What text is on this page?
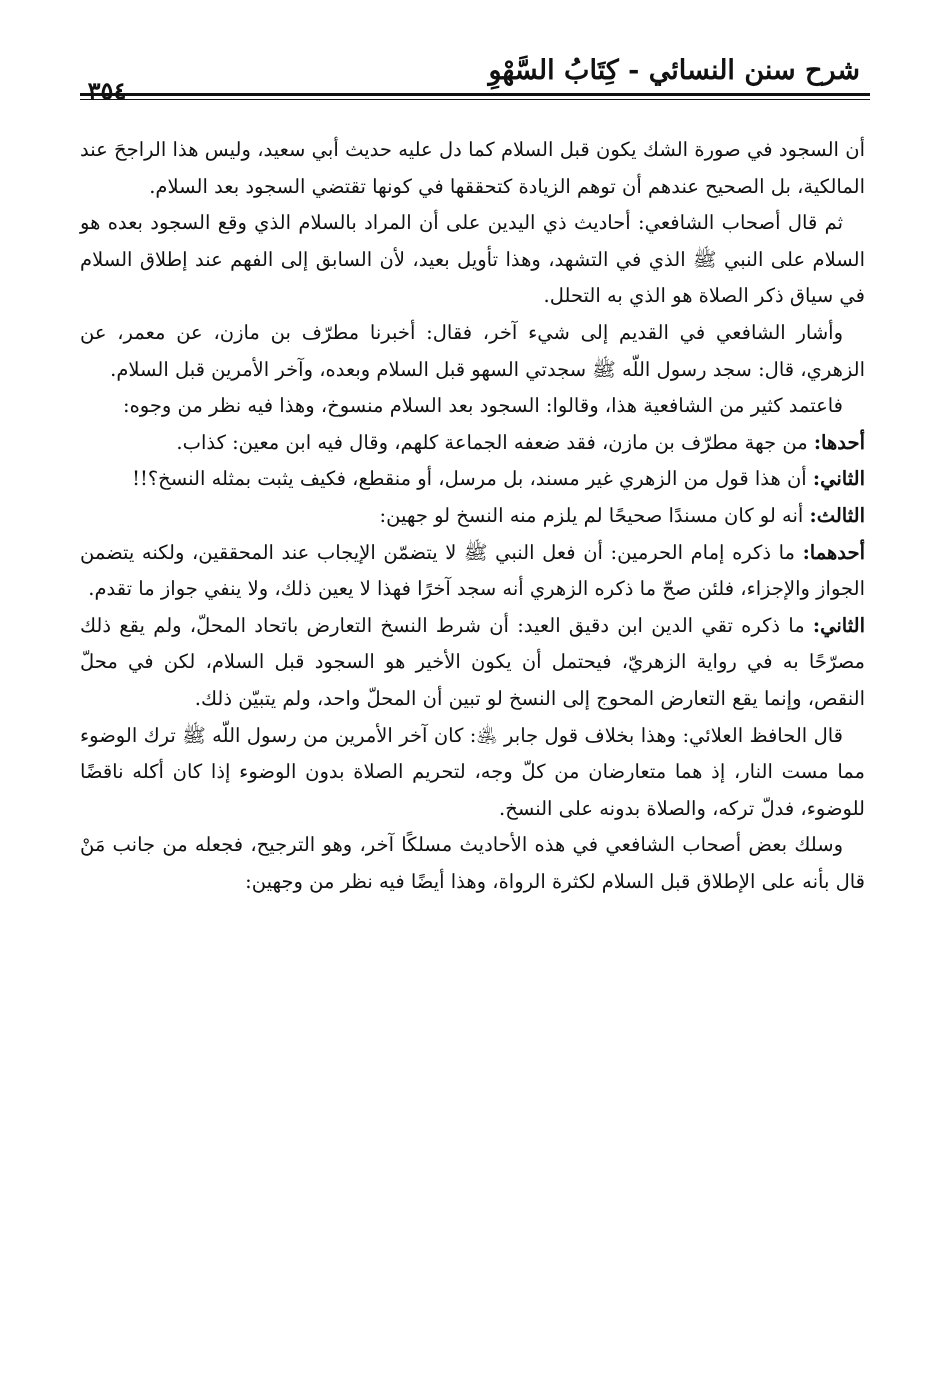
شرح سنن النسائي - كِتَابُ السَّهْوِ
٣٥٤

أن السجود في صورة الشك يكون قبل السلام كما دل عليه حديث أبي سعيد، وليس هذا الراجحَ عند المالكية، بل الصحيح عندهم أن توهم الزيادة كتحققها في كونها تقتضي السجود بعد السلام.

ثم قال أصحاب الشافعي: أحاديث ذي اليدين على أن المراد بالسلام الذي وقع السجود بعده هو السلام على النبي ﷺ الذي في التشهد، وهذا تأويل بعيد، لأن السابق إلى الفهم عند إطلاق السلام في سياق ذكر الصلاة هو الذي به التحلل.

وأشار الشافعي في القديم إلى شيء آخر، فقال: أخبرنا مطرّف بن مازن، عن معمر، عن الزهري، قال: سجد رسول اللّه ﷺ سجدتي السهو قبل السلام وبعده، وآخر الأمرين قبل السلام.

فاعتمد كثير من الشافعية هذا، وقالوا: السجود بعد السلام منسوخ، وهذا فيه نظر من وجوه:

أحدها: من جهة مطرّف بن مازن، فقد ضعفه الجماعة كلهم، وقال فيه ابن معين: كذاب.

الثاني: أن هذا قول من الزهري غير مسند، بل مرسل، أو منقطع، فكيف يثبت بمثله النسخ؟!!

الثالث: أنه لو كان مسندًا صحيحًا لم يلزم منه النسخ لو جهين:

أحدهما: ما ذكره إمام الحرمين: أن فعل النبي ﷺ لا يتضمّن الإيجاب عند المحققين، ولكنه يتضمن الجواز والإجزاء، فلئن صحّ ما ذكره الزهري أنه سجد آخرًا فهذا لا يعين ذلك، ولا ينفي جواز ما تقدم.

الثاني: ما ذكره تقي الدين ابن دقيق العيد: أن شرط النسخ التعارض باتحاد المحلّ، ولم يقع ذلك مصرّحًا به في رواية الزهريّ، فيحتمل أن يكون الأخير هو السجود قبل السلام، لكن في محلّ النقص، وإنما يقع التعارض المحوج إلى النسخ لو تبين أن المحلّ واحد، ولم يتبيّن ذلك.

قال الحافظ العلائي: وهذا بخلاف قول جابر ﵁: كان آخر الأمرين من رسول اللّه ﷺ ترك الوضوء مما مست النار، إذ هما متعارضان من كلّ وجه، لتحريم الصلاة بدون الوضوء إذا كان أكله ناقضًا للوضوء، فدلّ تركه، والصلاة بدونه على النسخ.

وسلك بعض أصحاب الشافعي في هذه الأحاديث مسلكًا آخر، وهو الترجيح، فجعله من جانب مَنْ قال بأنه على الإطلاق قبل السلام لكثرة الرواة، وهذا أيضًا فيه نظر من وجهين:
